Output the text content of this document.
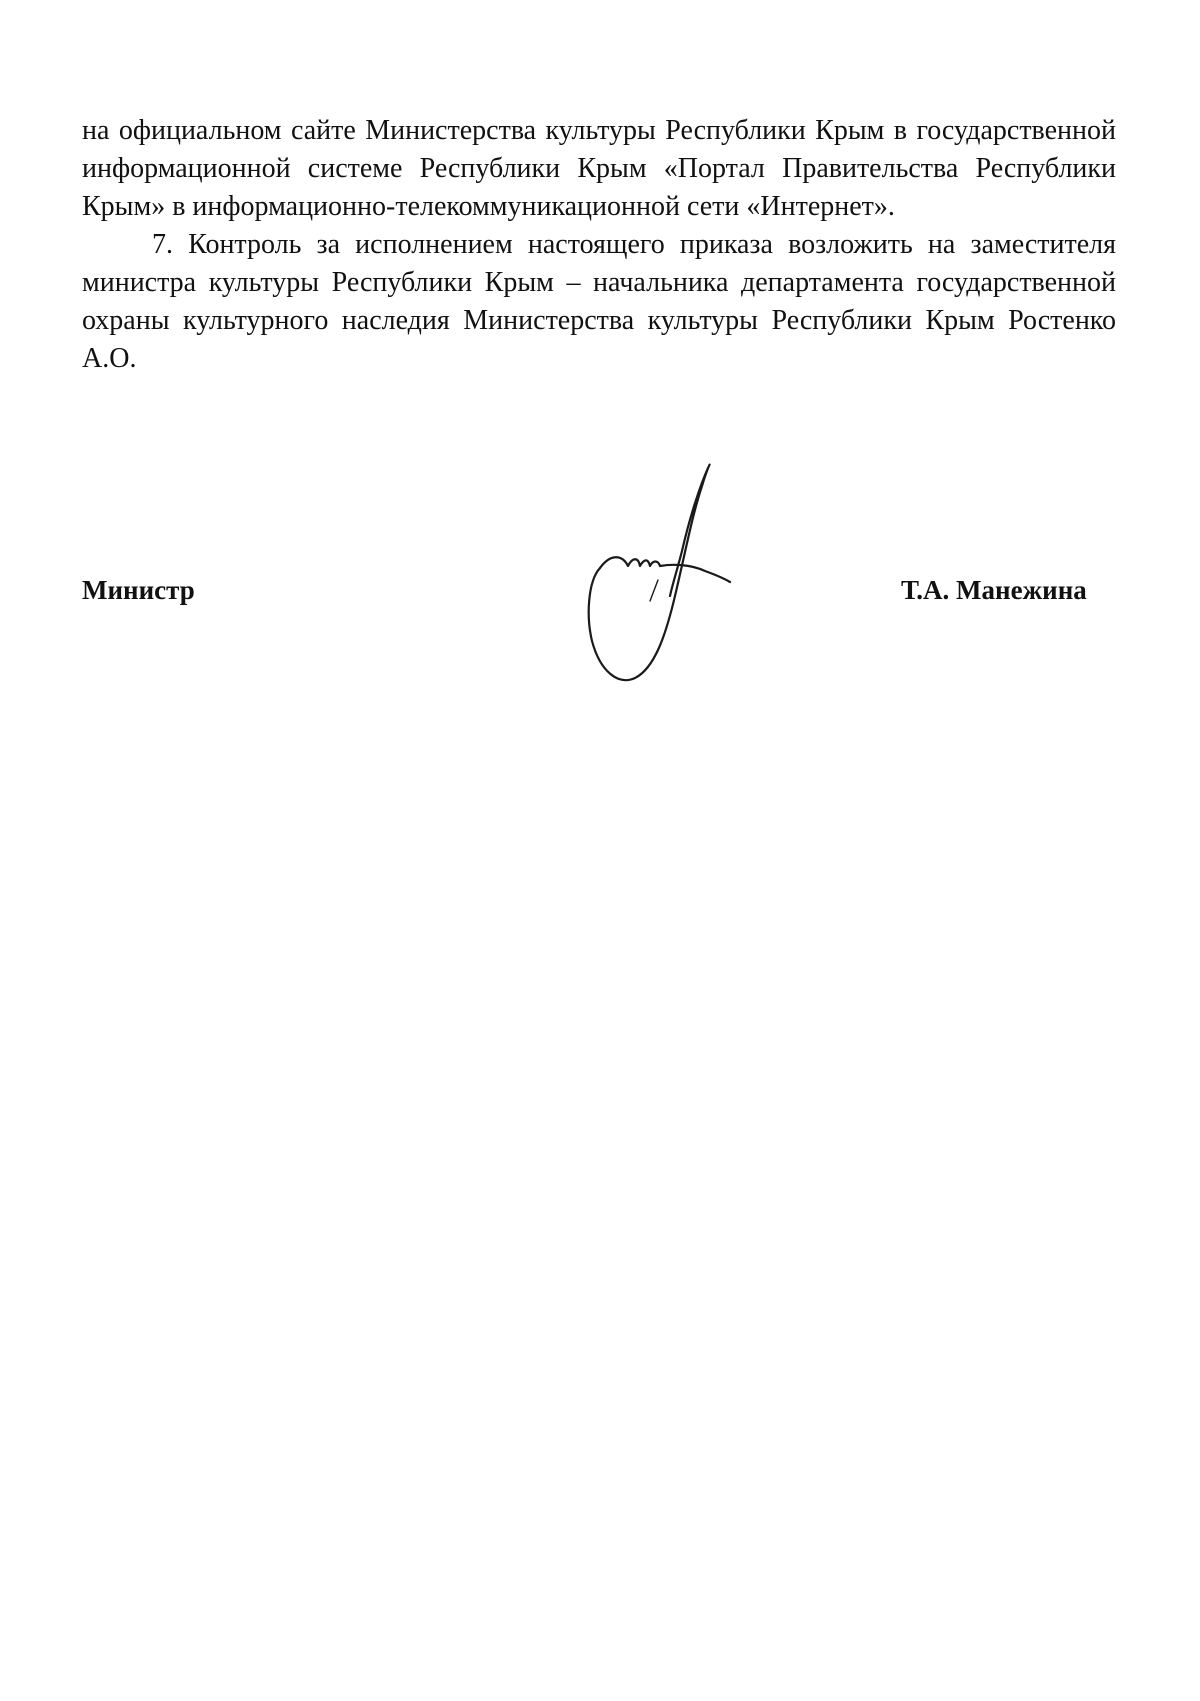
на официальном сайте Министерства культуры Республики Крым в государственной информационной системе Республики Крым «Портал Правительства Республики Крым» в информационно-телекоммуникационной сети «Интернет».

7. Контроль за исполнением настоящего приказа возложить на заместителя министра культуры Республики Крым – начальника департамента государственной охраны культурного наследия Министерства культуры Республики Крым Ростенко А.О.

Министр	Т.А. Манежина
